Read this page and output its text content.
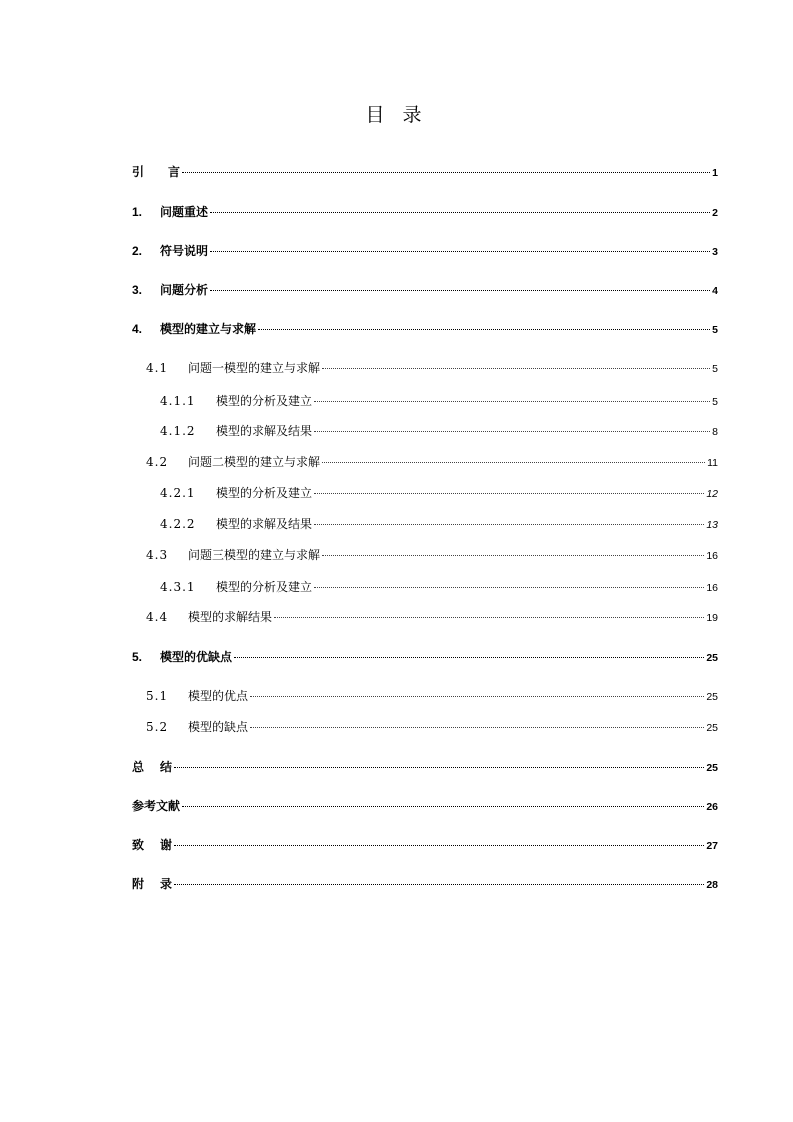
目 录
引	言	1
1.	问题重述	2
2.	符号说明	3
3.	问题分析	4
4.	模型的建立与求解	5
4.1	问题一模型的建立与求解	5
4.1.1	模型的分析及建立	5
4.1.2	模型的求解及结果	8
4.2	问题二模型的建立与求解	11
4.2.1	模型的分析及建立	12
4.2.2	模型的求解及结果	13
4.3	问题三模型的建立与求解	16
4.3.1	模型的分析及建立	16
4.4	模型的求解结果	19
5.	模型的优缺点	25
5.1	模型的优点	25
5.2	模型的缺点	25
总	结	25
参考文献	26
致	谢	27
附	录	28
